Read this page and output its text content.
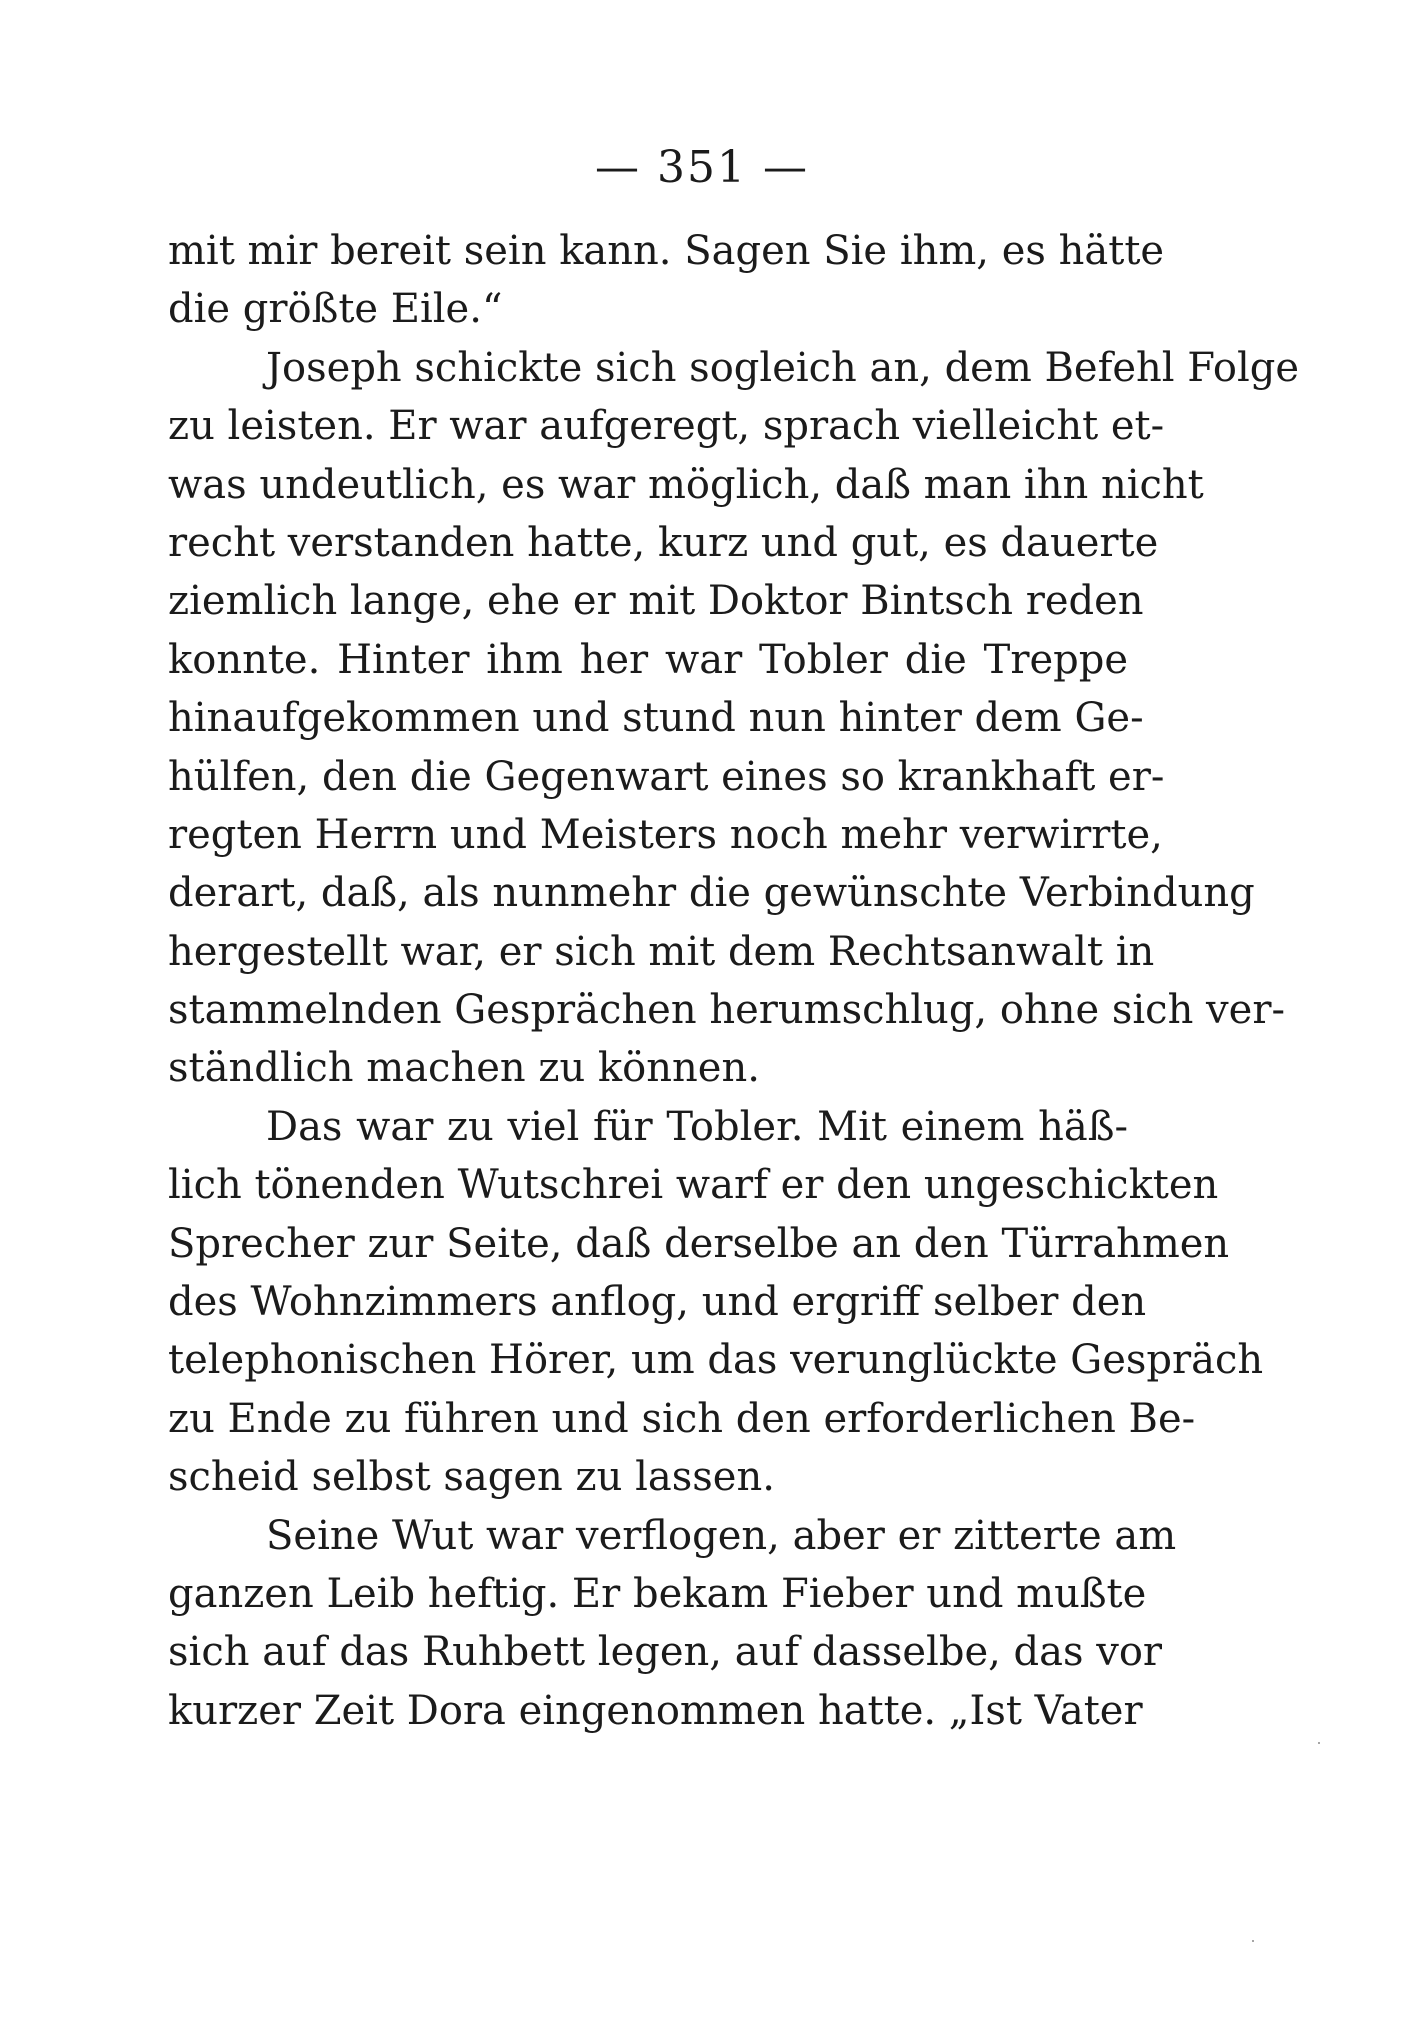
— 351 —
mit mir bereit sein kann. Sagen Sie ihm, es hätte
die größte Eile.“
Joseph schickte sich sogleich an, dem Befehl Folge
zu leisten. Er war aufgeregt, sprach vielleicht et-
was undeutlich, es war möglich, daß man ihn nicht
recht verstanden hatte, kurz und gut, es dauerte
ziemlich lange, ehe er mit Doktor Bintsch reden
konnte. Hinter ihm her war Tobler die Treppe
hinaufgekommen und stund nun hinter dem Ge-
hülfen, den die Gegenwart eines so krankhaft er-
regten Herrn und Meisters noch mehr verwirrte,
derart, daß, als nunmehr die gewünschte Verbindung
hergestellt war, er sich mit dem Rechtsanwalt in
stammelnden Gesprächen herumschlug, ohne sich ver-
ständlich machen zu können.
Das war zu viel für Tobler. Mit einem häß-
lich tönenden Wutschrei warf er den ungeschickten
Sprecher zur Seite, daß derselbe an den Türrahmen
des Wohnzimmers anflog, und ergriff selber den
telephonischen Hörer, um das verunglückte Gespräch
zu Ende zu führen und sich den erforderlichen Be-
scheid selbst sagen zu lassen.
Seine Wut war verflogen, aber er zitterte am
ganzen Leib heftig. Er bekam Fieber und mußte
sich auf das Ruhbett legen, auf dasselbe, das vor
kurzer Zeit Dora eingenommen hatte. „Ist Vater
